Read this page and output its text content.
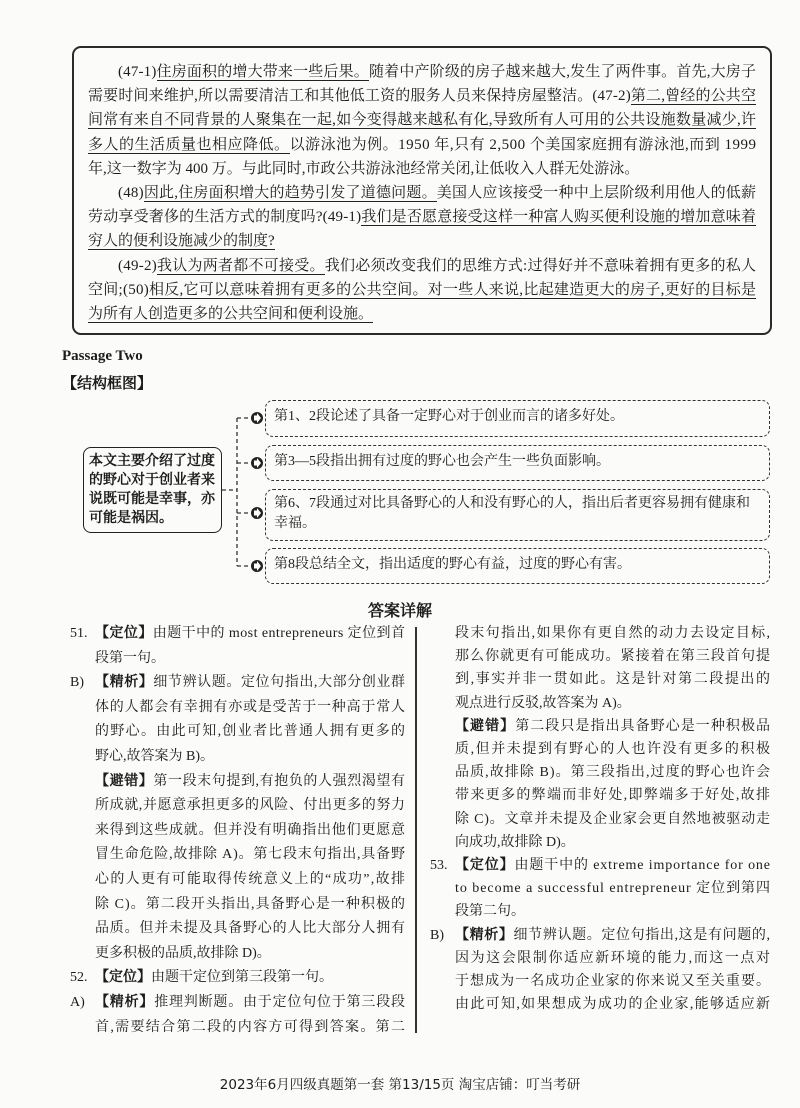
(47-1)住房面积的增大带来一些后果。随着中产阶级的房子越来越大,发生了两件事。首先,大房子
需要时间来维护,所以需要清洁工和其他低工资的服务人员来保持房屋整洁。(47-2)第二,曾经的公共空
间常有来自不同背景的人聚集在一起,如今变得越来越私有化,导致所有人可用的公共设施数量减少,许
多人的生活质量也相应降低。以游泳池为例。1950 年,只有 2,500 个美国家庭拥有游泳池,而到 1999
年,这一数字为 400 万。与此同时,市政公共游泳池经常关闭,让低收入人群无处游泳。
(48)因此,住房面积增大的趋势引发了道德问题。美国人应该接受一种中上层阶级利用他人的低薪
劳动享受奢侈的生活方式的制度吗?(49-1)我们是否愿意接受这样一种富人购买便利设施的增加意味着
穷人的便利设施减少的制度?
(49-2)我认为两者都不可接受。我们必须改变我们的思维方式:过得好并不意味着拥有更多的私人
空间;(50)相反,它可以意味着拥有更多的公共空间。对一些人来说,比起建造更大的房子,更好的目标是
为所有人创造更多的公共空间和便利设施。
Passage Two
【结构框图】
本文主要介绍了过度的野心对于创业者来说既可能是幸事，亦可能是祸因。
第1、2段论述了具备一定野心对于创业而言的诸多好处。
第3—5段指出拥有过度的野心也会产生一些负面影响。
第6、7段通过对比具备野心的人和没有野心的人，指出后者更容易拥有健康和幸福。
第8段总结全文，指出适度的野心有益，过度的野心有害。
答案详解
【定位】由题干中的 most entrepreneurs 定位到首
51.
段第一句。
【精析】细节辨认题。定位句指出,大部分创业群
B)
体的人都会有幸拥有亦或是受苦于一种高于常人
的野心。由此可知,创业者比普通人拥有更多的
野心,故答案为 B)。
【避错】第一段末句提到,有抱负的人强烈渴望有
所成就,并愿意承担更多的风险、付出更多的努力
来得到这些成就。但并没有明确指出他们更愿意
冒生命危险,故排除 A)。第七段末句指出,具备野
心的人更有可能取得传统意义上的“成功”,故排
除 C)。第二段开头指出,具备野心是一种积极的
品质。但并未提及具备野心的人比大部分人拥有
更多积极的品质,故排除 D)。
【定位】由题干定位到第三段第一句。
52.
【精析】推理判断题。由于定位句位于第三段段
A)
首,需要结合第二段的内容方可得到答案。第二
段末句指出,如果你有更自然的动力去设定目标,
那么你就更有可能成功。紧接着在第三段首句提
到,事实并非一贯如此。这是针对第二段提出的
观点进行反驳,故答案为 A)。
【避错】第二段只是指出具备野心是一种积极品
质,但并未提到有野心的人也许没有更多的积极
品质,故排除 B)。第三段指出,过度的野心也许会
带来更多的弊端而非好处,即弊端多于好处,故排
除 C)。文章并未提及企业家会更自然地被驱动走
向成功,故排除 D)。
【定位】由题干中的 extreme importance for one
53.
to become a successful entrepreneur 定位到第四
段第二句。
【精析】细节辨认题。定位句指出,这是有问题的,
B)
因为这会限制你适应新环境的能力,而这一点对
于想成为一名成功企业家的你来说又至关重要。
由此可知,如果想成为成功的企业家,能够适应新
2023年6月四级真题第一套 第13/15页 淘宝店铺：叮当考研
